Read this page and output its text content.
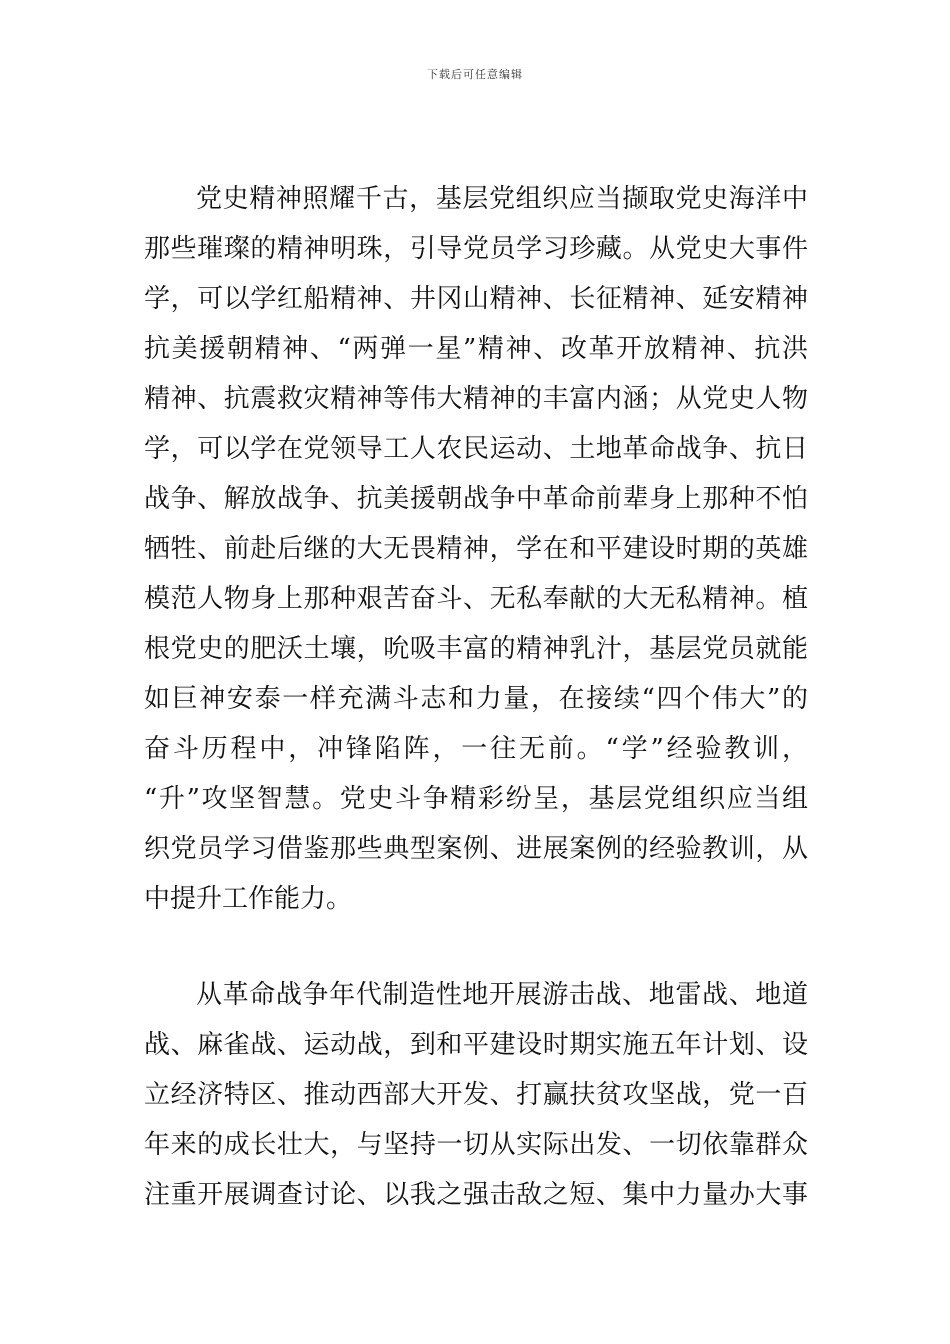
下载后可任意编辑

党史精神照耀千古，基层党组织应当撷取党史海洋中
那些璀璨的精神明珠，引导党员学习珍藏。从党史大事件
学，可以学红船精神、井冈山精神、长征精神、延安精神
抗美援朝精神、“两弹一星”精神、改革开放精神、抗洪
精神、抗震救灾精神等伟大精神的丰富内涵；从党史人物
学，可以学在党领导工人农民运动、土地革命战争、抗日
战争、解放战争、抗美援朝战争中革命前辈身上那种不怕
牺牲、前赴后继的大无畏精神，学在和平建设时期的英雄
模范人物身上那种艰苦奋斗、无私奉献的大无私精神。植
根党史的肥沃土壤，吮吸丰富的精神乳汁，基层党员就能
如巨神安泰一样充满斗志和力量，在接续“四个伟大”的
奋斗历程中，冲锋陷阵，一往无前。“学”经验教训，
“升”攻坚智慧。党史斗争精彩纷呈，基层党组织应当组
织党员学习借鉴那些典型案例、进展案例的经验教训，从
中提升工作能力。

从革命战争年代制造性地开展游击战、地雷战、地道
战、麻雀战、运动战，到和平建设时期实施五年计划、设
立经济特区、推动西部大开发、打赢扶贫攻坚战，党一百
年来的成长壮大，与坚持一切从实际出发、一切依靠群众
注重开展调查讨论、以我之强击敌之短、集中力量办大事
